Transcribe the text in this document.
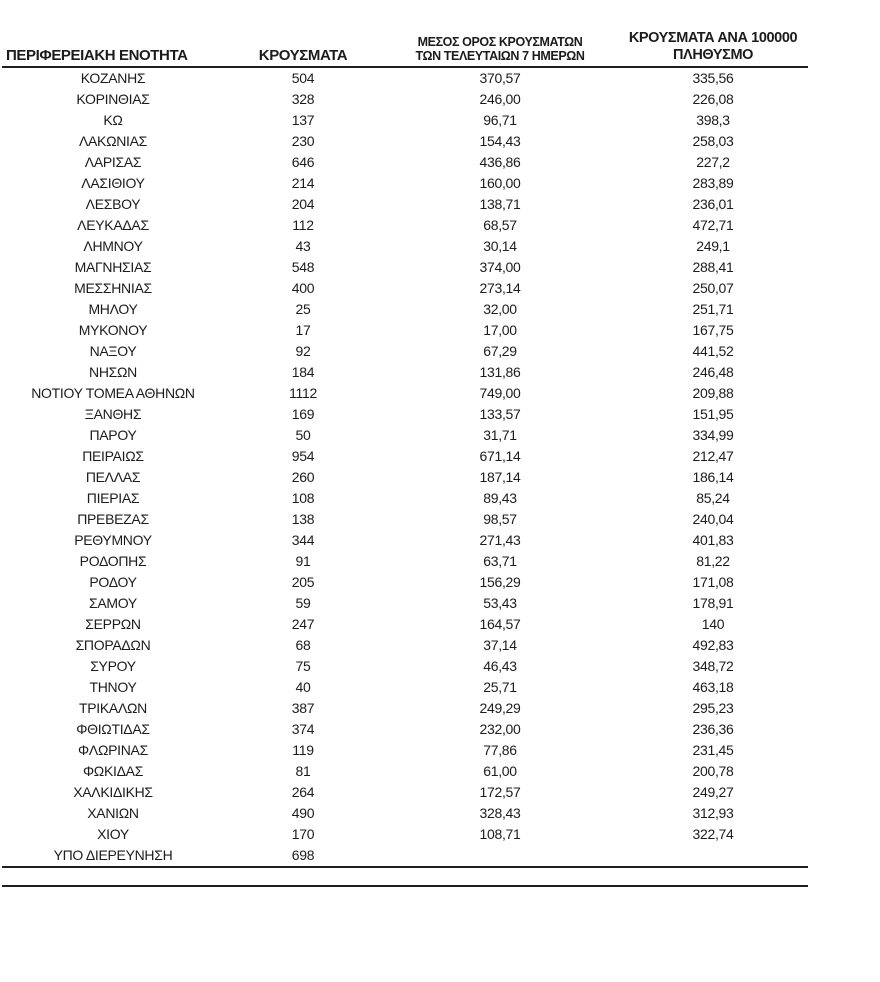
ΠΕΡΙΦΕΡΕΙΑΚΗ ΕΝΟΤΗΤΑ	ΚΡΟΥΣΜΑΤΑ	ΜΕΣΟΣ ΟΡΟΣ ΚΡΟΥΣΜΑΤΩΝ
ΤΩΝ ΤΕΛΕΥΤΑΙΩΝ 7 ΗΜΕΡΩΝ	ΚΡΟΥΣΜΑΤΑ ΑΝΑ 100000
ΠΛΗΘΥΣΜΟ

ΚΟΖΑΝΗΣ	504	370,57	335,56
ΚΟΡΙΝΘΙΑΣ	328	246,00	226,08
ΚΩ	137	96,71	398,3
ΛΑΚΩΝΙΑΣ	230	154,43	258,03
ΛΑΡΙΣΑΣ	646	436,86	227,2
ΛΑΣΙΘΙΟΥ	214	160,00	283,89
ΛΕΣΒΟΥ	204	138,71	236,01
ΛΕΥΚΑΔΑΣ	112	68,57	472,71
ΛΗΜΝΟΥ	43	30,14	249,1
ΜΑΓΝΗΣΙΑΣ	548	374,00	288,41
ΜΕΣΣΗΝΙΑΣ	400	273,14	250,07
ΜΗΛΟΥ	25	32,00	251,71
ΜΥΚΟΝΟΥ	17	17,00	167,75
ΝΑΞΟΥ	92	67,29	441,52
ΝΗΣΩΝ	184	131,86	246,48
ΝΟΤΙΟΥ ΤΟΜΕΑ ΑΘΗΝΩΝ	1112	749,00	209,88
ΞΑΝΘΗΣ	169	133,57	151,95
ΠΑΡΟΥ	50	31,71	334,99
ΠΕΙΡΑΙΩΣ	954	671,14	212,47
ΠΕΛΛΑΣ	260	187,14	186,14
ΠΙΕΡΙΑΣ	108	89,43	85,24
ΠΡΕΒΕΖΑΣ	138	98,57	240,04
ΡΕΘΥΜΝΟΥ	344	271,43	401,83
ΡΟΔΟΠΗΣ	91	63,71	81,22
ΡΟΔΟΥ	205	156,29	171,08
ΣΑΜΟΥ	59	53,43	178,91
ΣΕΡΡΩΝ	247	164,57	140
ΣΠΟΡΑΔΩΝ	68	37,14	492,83
ΣΥΡΟΥ	75	46,43	348,72
ΤΗΝΟΥ	40	25,71	463,18
ΤΡΙΚΑΛΩΝ	387	249,29	295,23
ΦΘΙΩΤΙΔΑΣ	374	232,00	236,36
ΦΛΩΡΙΝΑΣ	119	77,86	231,45
ΦΩΚΙΔΑΣ	81	61,00	200,78
ΧΑΛΚΙΔΙΚΗΣ	264	172,57	249,27
ΧΑΝΙΩΝ	490	328,43	312,93
ΧΙΟΥ	170	108,71	322,74
ΥΠΟ ΔΙΕΡΕΥΝΗΣΗ	698		
